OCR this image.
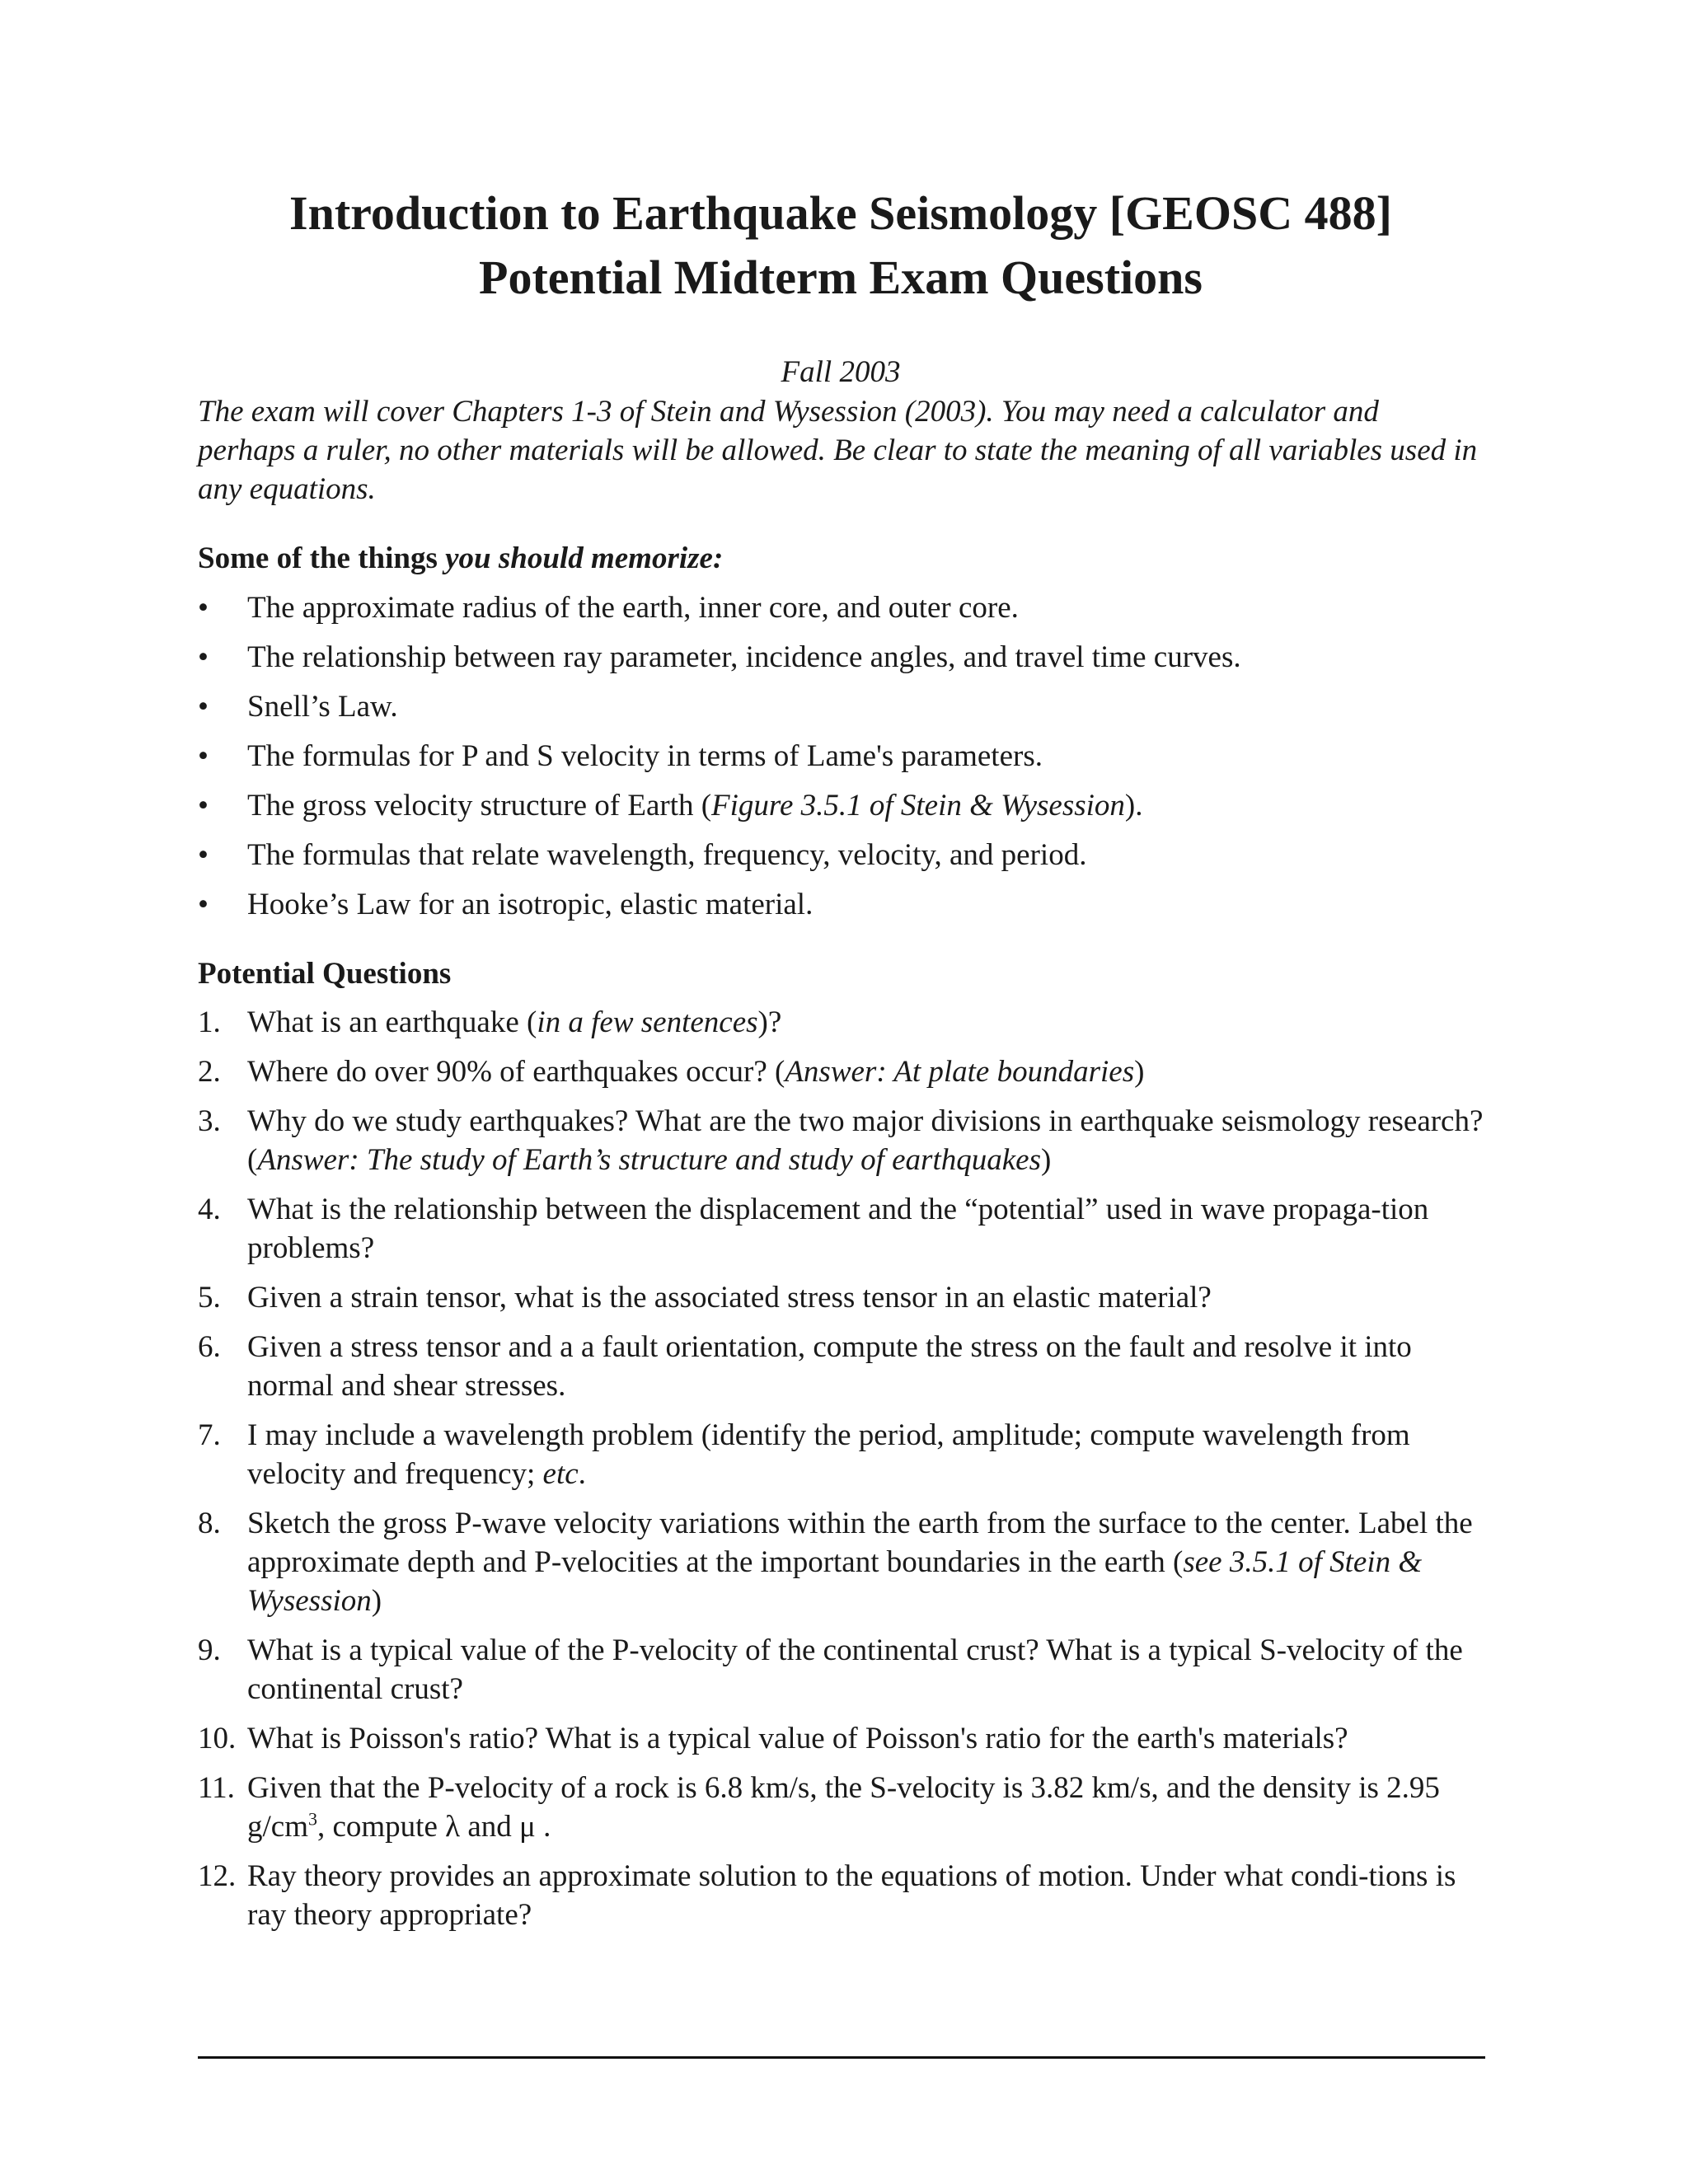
Introduction to Earthquake Seismology [GEOSC 488]
Potential Midterm Exam Questions
Fall 2003

The exam will cover Chapters 1-3 of Stein and Wysession (2003). You may need a calculator and perhaps a ruler, no other materials will be allowed. Be clear to state the meaning of all variables used in any equations.

Some of the things you should memorize:
• The approximate radius of the earth, inner core, and outer core.
• The relationship between ray parameter, incidence angles, and travel time curves.
• Snell’s Law.
• The formulas for P and S velocity in terms of Lame's parameters.
• The gross velocity structure of Earth (Figure 3.5.1 of Stein & Wysession).
• The formulas that relate wavelength, frequency, velocity, and period.
• Hooke’s Law for an isotropic, elastic material.
Potential Questions
1. What is an earthquake (in a few sentences)?
2. Where do over 90% of earthquakes occur? (Answer: At plate boundaries)
3. Why do we study earthquakes? What are the two major divisions in earthquake seismology research? (Answer: The study of Earth’s structure and study of earthquakes)
4. What is the relationship between the displacement and the “potential” used in wave propaga-tion problems?
5. Given a strain tensor, what is the associated stress tensor in an elastic material?
6. Given a stress tensor and a a fault orientation, compute the stress on the fault and resolve it into normal and shear stresses.
7. I may include a wavelength problem (identify the period, amplitude; compute wavelength from velocity and frequency; etc.
8. Sketch the gross P-wave velocity variations within the earth from the surface to the center. Label the approximate depth and P-velocities at the important boundaries in the earth (see 3.5.1 of Stein & Wysession)
9. What is a typical value of the P-velocity of the continental crust? What is a typical S-velocity of the continental crust?
10. What is Poisson's ratio? What is a typical value of Poisson's ratio for the earth's materials?
11. Given that the P-velocity of a rock is 6.8 km/s, the S-velocity is 3.82 km/s, and the density is 2.95 $g/cm^3$, compute λ and μ .
12. Ray theory provides an approximate solution to the equations of motion. Under what condi-tions is ray theory appropriate?
